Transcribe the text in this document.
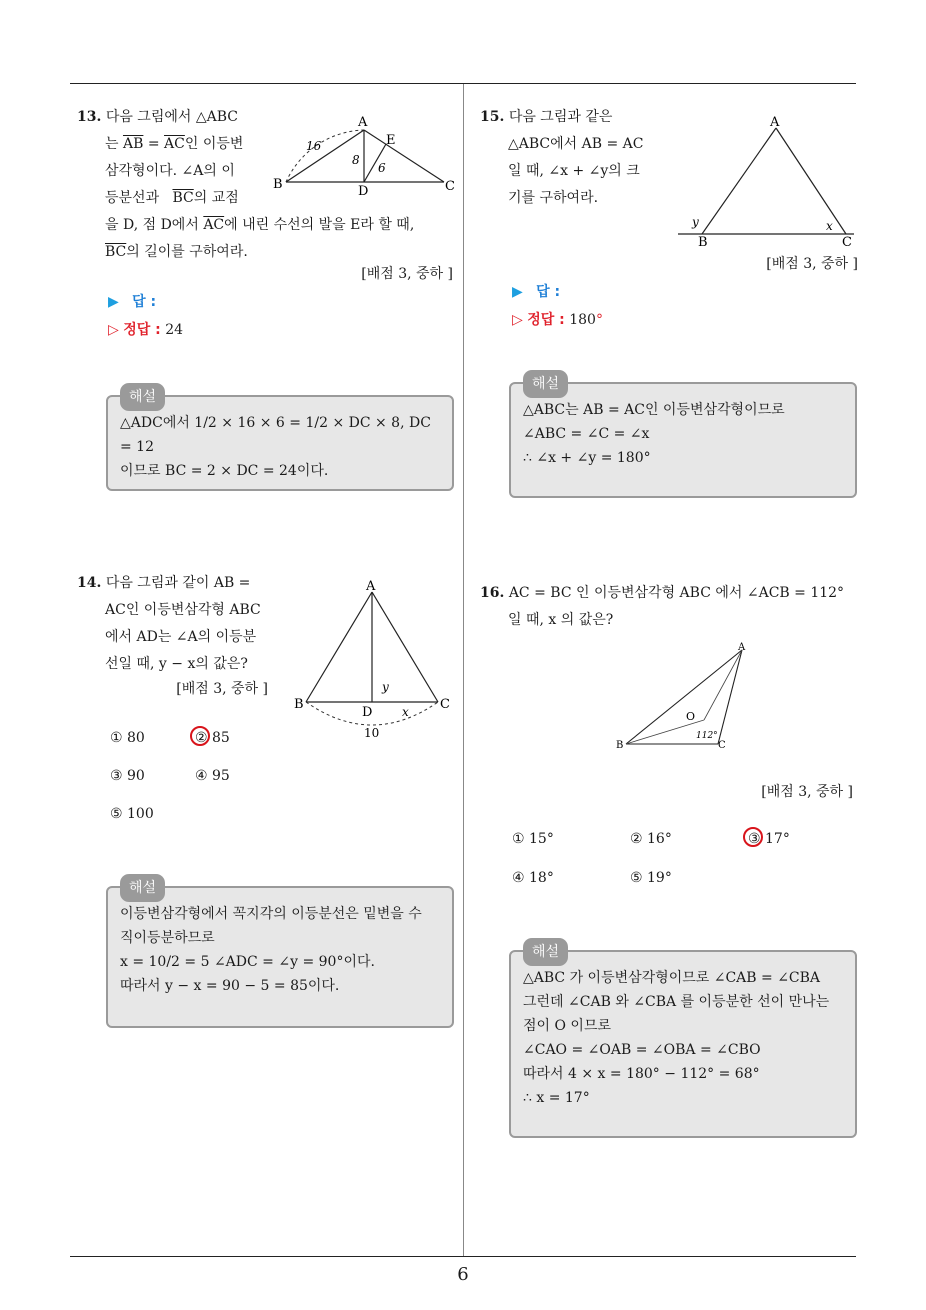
6
13. 다음 그림에서 △ABC
는 $\overline{AB} = \overline{AC}$인 이등변
삼각형이다. ∠A의 이
등분선과 $\overline{BC}$의 교점
을 D, 점 D에서 $\overline{AC}$에 내린 수선의 발을 E라 할 때,
$\overline{BC}$의 길이를 구하여라.
A
B	C
D
E
16
8
6
[배점 3, 중하 ]
▶ 답 :
▷ 정답 : 24
해설
△ADC에서 1/2 × 16 × 6 = 1/2 × DC × 8, DC = 12
이므로 BC = 2 × DC = 24이다.
14. 다음 그림과 같이 AB =
AC인 이등변삼각형 ABC
에서 AD는 ∠A의 이등분
선일 때, y − x의 값은?
[배점 3, 중하 ]
A
B	C
D
y
x
10
① 80	② 85
③ 90	④ 95
⑤ 100
해설
이등변삼각형에서 꼭지각의 이등분선은 밑변을 수
직이등분하므로
x = 10/2 = 5 ∠ADC = ∠y = 90°이다.
따라서 y − x = 90 − 5 = 85이다.
15. 다음 그림과 같은
△ABC에서 AB = AC
일 때, ∠x + ∠y의 크
기를 구하여라.
A
B	C
x
y
[배점 3, 중하 ]
▶ 답 :
▷ 정답 : 180°
해설
△ABC는 AB = AC인 이등변삼각형이므로
∠ABC = ∠C = ∠x
∴ ∠x + ∠y = 180°
16. AC = BC 인 이등변삼각형 ABC 에서 ∠ACB = 112°
일 때, x 의 값은?
A
B	C
O
112°
[배점 3, 중하 ]
① 15°	② 16°	③ 17°
④ 18°	⑤ 19°
해설
△ABC 가 이등변삼각형이므로 ∠CAB = ∠CBA
그런데 ∠CAB 와 ∠CBA 를 이등분한 선이 만나는
점이 O 이므로
∠CAO = ∠OAB = ∠OBA = ∠CBO
따라서 4 × x = 180° − 112° = 68°
∴ x = 17°
